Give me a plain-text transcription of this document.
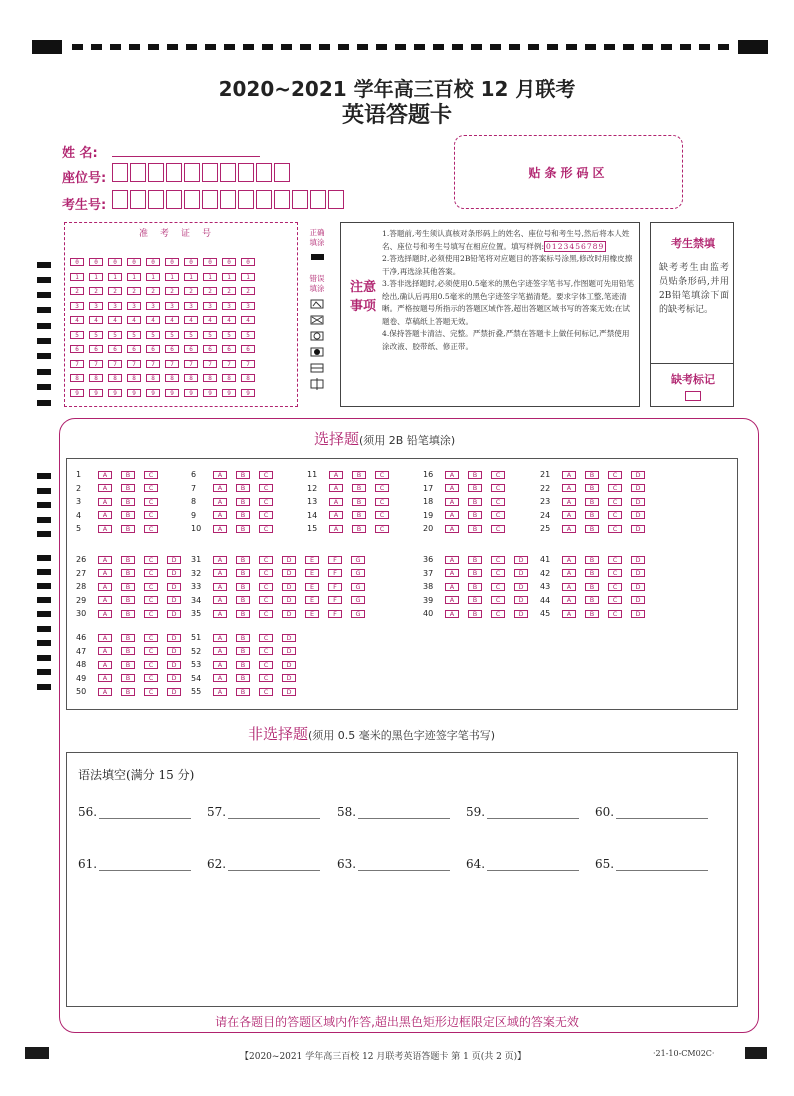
2020~2021 学年高三百校 12 月联考
英语答题卡
姓 名:
座位号:
考生号:
贴条形码区
准考证号
0	0	0	0	0	0	0	0	0	0
1	1	1	1	1	1	1	1	1	1
2	2	2	2	2	2	2	2	2	2
3	3	3	3	3	3	3	3	3	3
4	4	4	4	4	4	4	4	4	4
5	5	5	5	5	5	5	5	5	5
6	6	6	6	6	6	6	6	6	6
7	7	7	7	7	7	7	7	7	7
8	8	8	8	8	8	8	8	8	8
9	9	9	9	9	9	9	9	9	9
正确填涂
错误填涂 注意事项

1.答题前,考生须认真核对条形码上的姓名、座位号和考生号,然后将本人姓名、座位号和考生号填写在相应位置。填写样例: 0123456789

2.答选择题时,必须使用2B铅笔将对应题目的答案标号涂黑,修改时用橡皮擦干净,再选涂其他答案。

3.答非选择题时,必须使用0.5毫米的黑色字迹签字笔书写,作图题可先用铅笔绘出,确认后再用0.5毫米的黑色字迹签字笔描清楚。要求字体工整,笔迹清晰。严格按题号所指示的答题区域作答,超出答题区域书写的答案无效;在试题卷、草稿纸上答题无效。

4.保持答题卡清洁、完整。严禁折叠,严禁在答题卡上做任何标记,严禁使用涂改液、胶带纸、修正带。

考生禁填
缺考考生由监考员贴条形码,并用2B铅笔填涂下面的缺考标记。
缺考标记
选择题(须用 2B 铅笔填涂)
1	A	B	C
2	A	B	C
3	A	B	C
4	A	B	C
5	A	B	C
6	A	B	C
7	A	B	C
8	A	B	C
9	A	B	C
10	A	B	C
11	A	B	C
12	A	B	C
13	A	B	C
14	A	B	C
15	A	B	C
16	A	B	C
17	A	B	C
18	A	B	C
19	A	B	C
20	A	B	C
21	A	B	C	D
22	A	B	C	D
23	A	B	C	D
24	A	B	C	D
25	A	B	C	D
26	A	B	C	D
27	A	B	C	D
28	A	B	C	D
29	A	B	C	D
30	A	B	C	D
31	A	B	C	D	E	F	G
32	A	B	C	D	E	F	G
33	A	B	C	D	E	F	G
34	A	B	C	D	E	F	G
35	A	B	C	D	E	F	G
36	A	B	C	D
37	A	B	C	D
38	A	B	C	D
39	A	B	C	D
40	A	B	C	D
41	A	B	C	D
42	A	B	C	D
43	A	B	C	D
44	A	B	C	D
45	A	B	C	D
46	A	B	C	D
47	A	B	C	D
48	A	B	C	D
49	A	B	C	D
50	A	B	C	D
51	A	B	C	D
52	A	B	C	D
53	A	B	C	D
54	A	B	C	D
55	A	B	C	D
非选择题(须用 0.5 毫米的黑色字迹签字笔书写)
语法填空(满分 15 分)
56.	57.	58.	59.	60.
61.	62.	63.	64.	65.
请在各题目的答题区域内作答,超出黑色矩形边框限定区域的答案无效
【2020~2021 学年高三百校 12 月联考英语答题卡 第 1 页(共 2 页)】	·21-10-CM02C·
